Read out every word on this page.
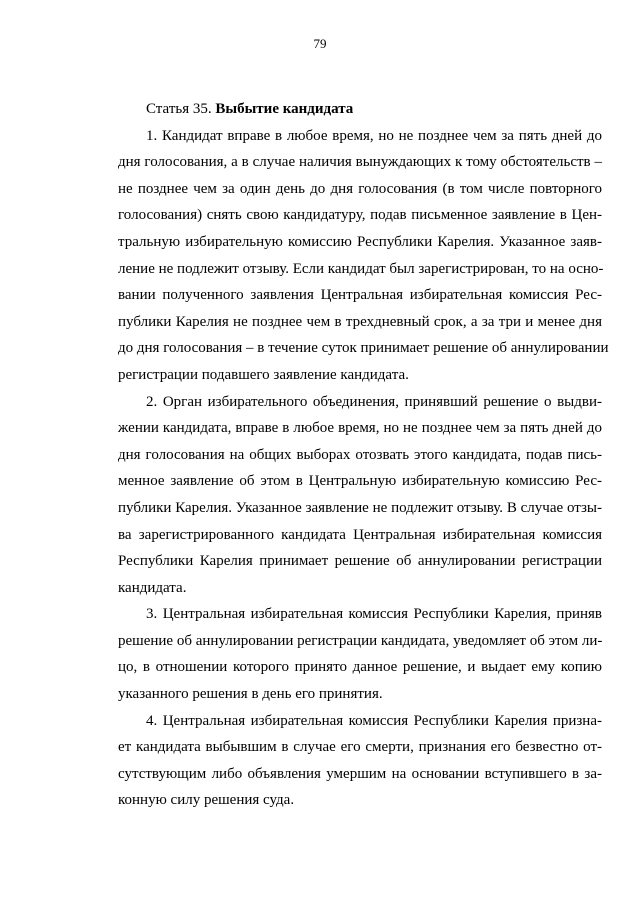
79

Статья 35. Выбытие кандидата

1. Кандидат вправе в любое время, но не позднее чем за пять дней до
дня голосования, а в случае наличия вынуждающих к тому обстоятельств –
не позднее чем за один день до дня голосования (в том числе повторного
голосования) снять свою кандидатуру, подав письменное заявление в Цен-
тральную избирательную комиссию Республики Карелия. Указанное заяв-
ление не подлежит отзыву. Если кандидат был зарегистрирован, то на осно-
вании полученного заявления Центральная избирательная комиссия Рес-
публики Карелия не позднее чем в трехдневный срок, а за три и менее дня
до дня голосования – в течение суток принимает решение об аннулировании
регистрации подавшего заявление кандидата.
2. Орган избирательного объединения, принявший решение о выдви-
жении кандидата, вправе в любое время, но не позднее чем за пять дней до
дня голосования на общих выборах отозвать этого кандидата, подав пись-
менное заявление об этом в Центральную избирательную комиссию Рес-
публики Карелия. Указанное заявление не подлежит отзыву. В случае отзы-
ва зарегистрированного кандидата Центральная избирательная комиссия
Республики Карелия принимает решение об аннулировании регистрации
кандидата.
3. Центральная избирательная комиссия Республики Карелия, приняв
решение об аннулировании регистрации кандидата, уведомляет об этом ли-
цо, в отношении которого принято данное решение, и выдает ему копию
указанного решения в день его принятия.
4. Центральная избирательная комиссия Республики Карелия призна-
ет кандидата выбывшим в случае его смерти, признания его безвестно от-
сутствующим либо объявления умершим на основании вступившего в за-
конную силу решения суда.
